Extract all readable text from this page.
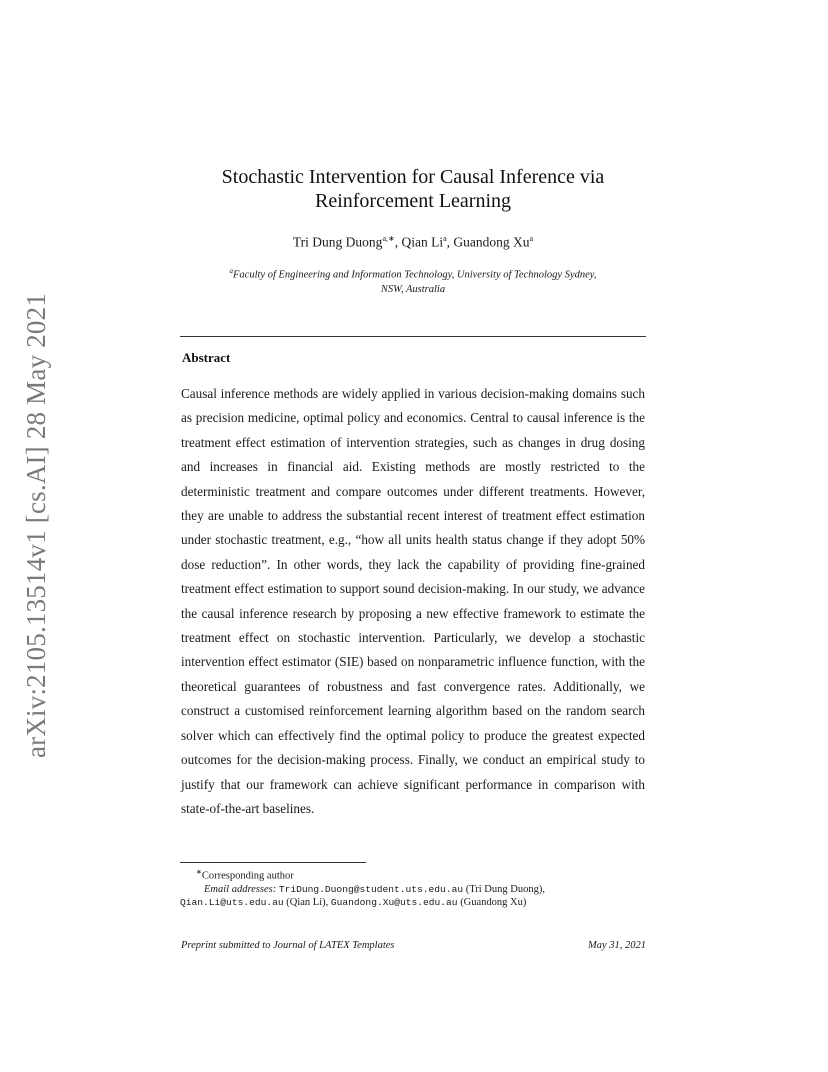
arXiv:2105.13514v1 [cs.AI] 28 May 2021
Stochastic Intervention for Causal Inference via
Reinforcement Learning
Tri Dung Duong$^{a,∗}$, Qian Li$^a$, Guandong Xu$^a$
$^a$Faculty of Engineering and Information Technology, University of Technology Sydney,
NSW, Australia
Abstract
Causal inference methods are widely applied in various decision-making domains such as precision medicine, optimal policy and economics. Central to causal inference is the treatment effect estimation of intervention strategies, such as changes in drug dosing and increases in financial aid. Existing methods are mostly restricted to the deterministic treatment and compare outcomes under different treatments. However, they are unable to address the substantial recent interest of treatment effect estimation under stochastic treatment, e.g., “how all units health status change if they adopt 50% dose reduction”. In other words, they lack the capability of providing fine-grained treatment effect estimation to support sound decision-making. In our study, we advance the causal inference research by proposing a new effective framework to estimate the treatment effect on stochastic intervention. Particularly, we develop a stochastic intervention effect estimator (SIE) based on nonparametric influence function, with the theoretical guarantees of robustness and fast convergence rates. Additionally, we construct a customised reinforcement learning algorithm based on the random search solver which can effectively find the optimal policy to produce the greatest expected outcomes for the decision-making process. Finally, we conduct an empirical study to justify that our framework can achieve significant performance in comparison with state-of-the-art baselines.
∗Corresponding author
Email addresses: TriDung.Duong@student.uts.edu.au (Tri Dung Duong),
Qian.Li@uts.edu.au (Qian Li), Guandong.Xu@uts.edu.au (Guandong Xu)
Preprint submitted to Journal of LATEX Templates	May 31, 2021
